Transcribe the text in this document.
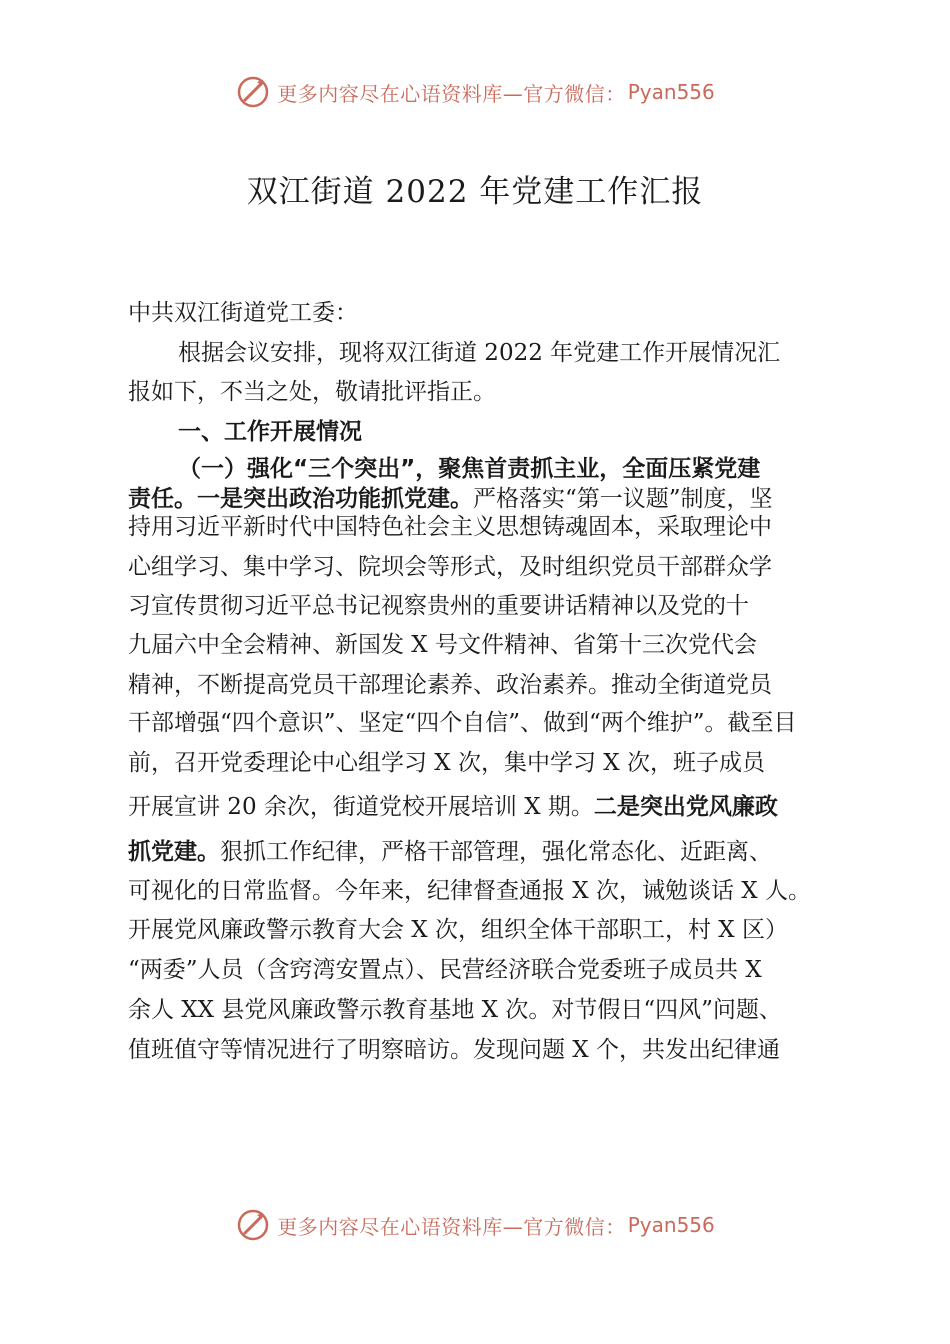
更多内容尽在心语资料库—官方微信： Pyan556
双江街道 2022 年党建工作汇报
中共双江街道党工委：
根据会议安排，现将双江街道 2022 年党建工作开展情况汇
报如下，不当之处，敬请批评指正。
一、工作开展情况
（一）强化“三个突出”，聚焦首责抓主业，全面压紧党建
责任。一是突出政治功能抓党建。严格落实“第一议题”制度，坚
持用习近平新时代中国特色社会主义思想铸魂固本，采取理论中
心组学习、集中学习、院坝会等形式，及时组织党员干部群众学
习宣传贯彻习近平总书记视察贵州的重要讲话精神以及党的十
九届六中全会精神、新国发 X 号文件精神、省第十三次党代会
精神，不断提高党员干部理论素养、政治素养。推动全街道党员
干部增强“四个意识”、坚定“四个自信”、做到“两个维护”。截至目
前，召开党委理论中心组学习 X 次，集中学习 X 次，班子成员
开展宣讲 20 余次，街道党校开展培训 X 期。二是突出党风廉政
抓党建。狠抓工作纪律，严格干部管理，强化常态化、近距离、
可视化的日常监督。今年来，纪律督查通报 X 次，诫勉谈话 X 人。
开展党风廉政警示教育大会 X 次，组织全体干部职工，村 X 区）
“两委”人员（含窍湾安置点）、民营经济联合党委班子成员共 X
余人 XX 县党风廉政警示教育基地 X 次。对节假日“四风”问题、
值班值守等情况进行了明察暗访。发现问题 X 个，共发出纪律通
更多内容尽在心语资料库—官方微信： Pyan556
